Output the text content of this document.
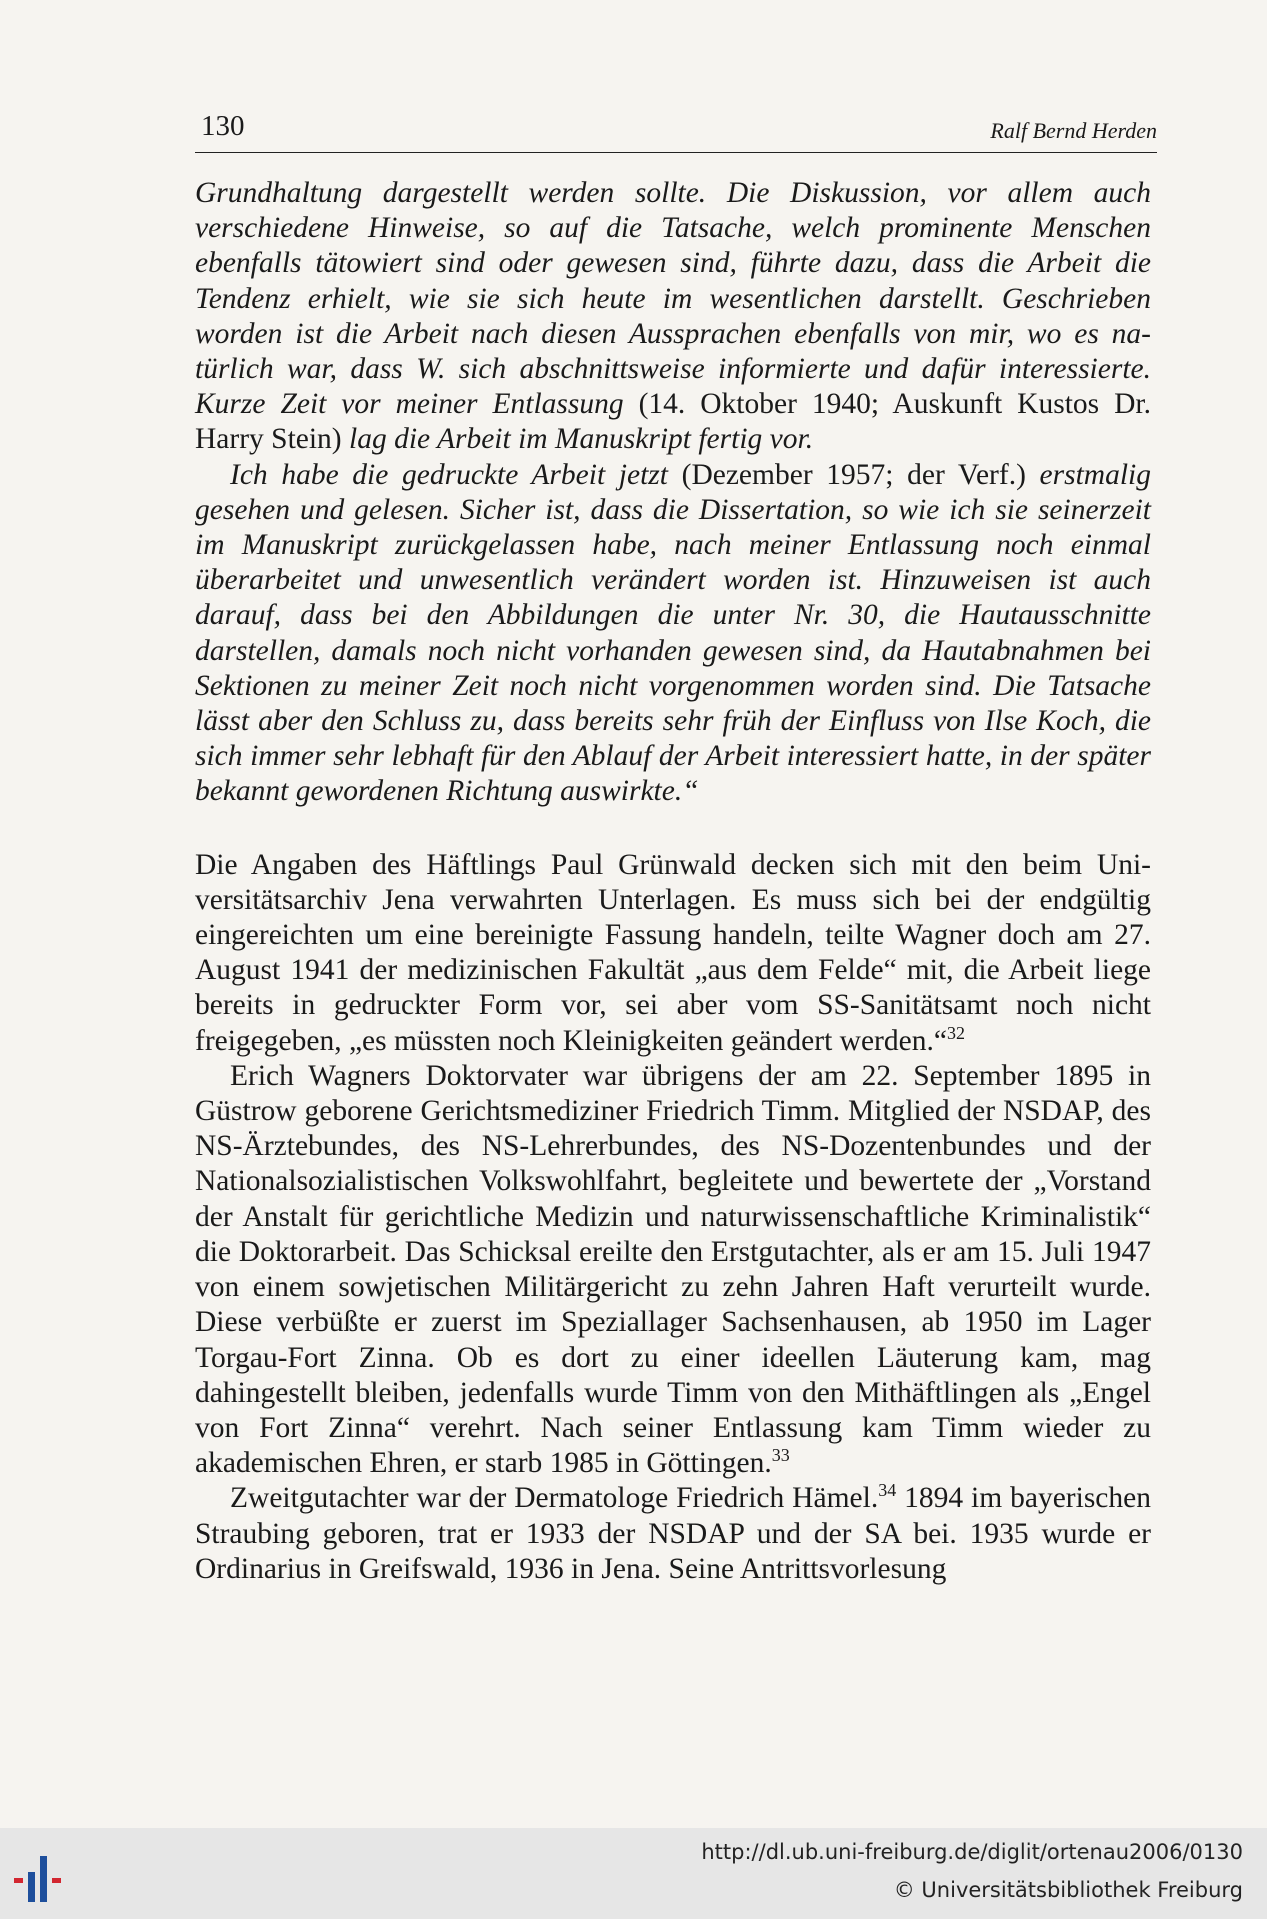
130	Ralf Bernd Herden

Grundhaltung dargestellt werden sollte. Die Diskussion, vor allem auch verschiedene Hinweise, so auf die Tatsache, welch prominente Menschen ebenfalls tätowiert sind oder gewesen sind, führte dazu, dass die Arbeit die Tendenz erhielt, wie sie sich heute im wesentlichen darstellt. Geschrieben worden ist die Arbeit nach diesen Aussprachen ebenfalls von mir, wo es natürlich war, dass W. sich abschnittsweise informierte und dafür interessierte. Kurze Zeit vor meiner Entlassung (14. Oktober 1940; Auskunft Kustos Dr. Harry Stein) lag die Arbeit im Manuskript fertig vor.

Ich habe die gedruckte Arbeit jetzt (Dezember 1957; der Verf.) erstmalig gesehen und gelesen. Sicher ist, dass die Dissertation, so wie ich sie seinerzeit im Manuskript zurückgelassen habe, nach meiner Entlassung noch einmal überarbeitet und unwesentlich verändert worden ist. Hinzuweisen ist auch darauf, dass bei den Abbildungen die unter Nr. 30, die Hautausschnitte darstellen, damals noch nicht vorhanden gewesen sind, da Hautabnahmen bei Sektionen zu meiner Zeit noch nicht vorgenommen worden sind. Die Tatsache lässt aber den Schluss zu, dass bereits sehr früh der Einfluss von Ilse Koch, die sich immer sehr lebhaft für den Ablauf der Arbeit interessiert hatte, in der später bekannt gewordenen Richtung auswirkte.“

Die Angaben des Häftlings Paul Grünwald decken sich mit den beim Universitätsarchiv Jena verwahrten Unterlagen. Es muss sich bei der endgültig eingereichten um eine bereinigte Fassung handeln, teilte Wagner doch am 27. August 1941 der medizinischen Fakultät „aus dem Felde“ mit, die Arbeit liege bereits in gedruckter Form vor, sei aber vom SS-Sanitätsamt noch nicht freigegeben, „es müssten noch Kleinigkeiten geändert werden.“$^{32}$

Erich Wagners Doktorvater war übrigens der am 22. September 1895 in Güstrow geborene Gerichtsmediziner Friedrich Timm. Mitglied der NSDAP, des NS-Ärztebundes, des NS-Lehrerbundes, des NS-Dozentenbundes und der Nationalsozialistischen Volkswohlfahrt, begleitete und bewertete der „Vorstand der Anstalt für gerichtliche Medizin und naturwissenschaftliche Kriminalistik“ die Doktorarbeit. Das Schicksal ereilte den Erstgutachter, als er am 15. Juli 1947 von einem sowjetischen Militärgericht zu zehn Jahren Haft verurteilt wurde. Diese verbüßte er zuerst im Speziallager Sachsenhausen, ab 1950 im Lager Torgau-Fort Zinna. Ob es dort zu einer ideellen Läuterung kam, mag dahingestellt bleiben, jedenfalls wurde Timm von den Mithäftlingen als „Engel von Fort Zinna“ verehrt. Nach seiner Entlassung kam Timm wieder zu akademischen Ehren, er starb 1985 in Göttingen.$^{33}$

Zweitgutachter war der Dermatologe Friedrich Hämel.$^{34}$ 1894 im bayerischen Straubing geboren, trat er 1933 der NSDAP und der SA bei. 1935 wurde er Ordinarius in Greifswald, 1936 in Jena. Seine Antrittsvorlesung

http://dl.ub.uni-freiburg.de/diglit/ortenau2006/0130
© Universitätsbibliothek Freiburg
